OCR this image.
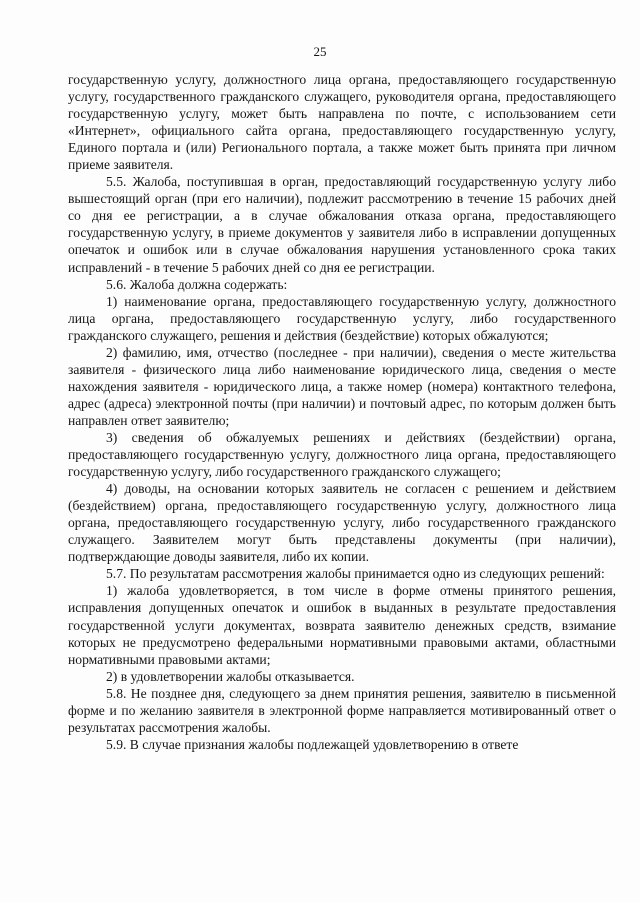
25

государственную услугу, должностного лица органа, предоставляющего государственную услугу, государственного гражданского служащего, руководителя органа, предоставляющего государственную услугу, может быть направлена по почте, с использованием сети «Интернет», официального сайта органа, предоставляющего государственную услугу, Единого портала и (или) Регионального портала, а также может быть принята при личном приеме заявителя.

5.5. Жалоба, поступившая в орган, предоставляющий государственную услугу либо вышестоящий орган (при его наличии), подлежит рассмотрению в течение 15 рабочих дней со дня ее регистрации, а в случае обжалования отказа органа, предоставляющего государственную услугу, в приеме документов у заявителя либо в исправлении допущенных опечаток и ошибок или в случае обжалования нарушения установленного срока таких исправлений - в течение 5 рабочих дней со дня ее регистрации.

5.6. Жалоба должна содержать:

1) наименование органа, предоставляющего государственную услугу, должностного лица органа, предоставляющего государственную услугу, либо государственного гражданского служащего, решения и действия (бездействие) которых обжалуются;

2) фамилию, имя, отчество (последнее - при наличии), сведения о месте жительства заявителя - физического лица либо наименование юридического лица, сведения о месте нахождения заявителя - юридического лица, а также номер (номера) контактного телефона, адрес (адреса) электронной почты (при наличии) и почтовый адрес, по которым должен быть направлен ответ заявителю;

3) сведения об обжалуемых решениях и действиях (бездействии) органа, предоставляющего государственную услугу, должностного лица органа, предоставляющего государственную услугу, либо государственного гражданского служащего;

4) доводы, на основании которых заявитель не согласен с решением и действием (бездействием) органа, предоставляющего государственную услугу, должностного лица органа, предоставляющего государственную услугу, либо государственного гражданского служащего. Заявителем могут быть представлены документы (при наличии), подтверждающие доводы заявителя, либо их копии.

5.7. По результатам рассмотрения жалобы принимается одно из следующих решений:

1) жалоба удовлетворяется, в том числе в форме отмены принятого решения, исправления допущенных опечаток и ошибок в выданных в результате предоставления государственной услуги документах, возврата заявителю денежных средств, взимание которых не предусмотрено федеральными нормативными правовыми актами, областными нормативными правовыми актами;

2) в удовлетворении жалобы отказывается.

5.8. Не позднее дня, следующего за днем принятия решения, заявителю в письменной форме и по желанию заявителя в электронной форме направляется мотивированный ответ о результатах рассмотрения жалобы.

5.9. В случае признания жалобы подлежащей удовлетворению в ответе
